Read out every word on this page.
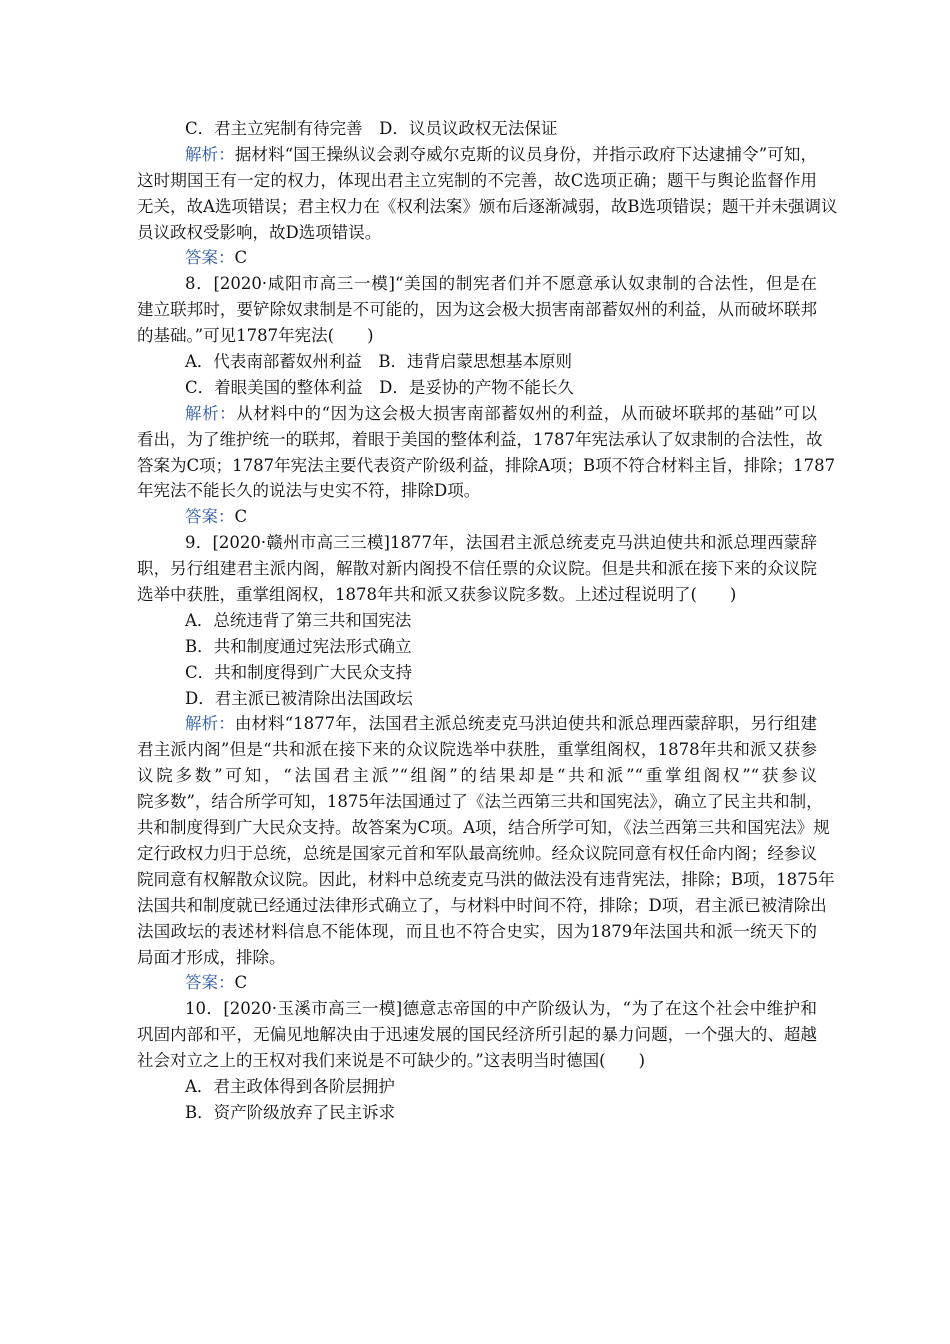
C．君主立宪制有待完善　D．议员议政权无法保证
解析：据材料“国王操纵议会剥夺威尔克斯的议员身份，并指示政府下达逮捕令”可知，
这时期国王有一定的权力，体现出君主立宪制的不完善，故C选项正确；题干与舆论监督作用
无关，故A选项错误；君主权力在《权利法案》颁布后逐渐减弱，故B选项错误；题干并未强调议
员议政权受影响，故D选项错误。
答案：C
8．[2020·咸阳市高三一模]“美国的制宪者们并不愿意承认奴隶制的合法性，但是在
建立联邦时，要铲除奴隶制是不可能的，因为这会极大损害南部蓄奴州的利益，从而破坏联邦
的基础。”可见1787年宪法(　　)
A．代表南部蓄奴州利益　B．违背启蒙思想基本原则
C．着眼美国的整体利益　D．是妥协的产物不能长久
解析：从材料中的“因为这会极大损害南部蓄奴州的利益，从而破坏联邦的基础”可以
看出，为了维护统一的联邦，着眼于美国的整体利益，1787年宪法承认了奴隶制的合法性，故
答案为C项；1787年宪法主要代表资产阶级利益，排除A项；B项不符合材料主旨，排除；1787
年宪法不能长久的说法与史实不符，排除D项。
答案：C
9．[2020·赣州市高三三模]1877年，法国君主派总统麦克马洪迫使共和派总理西蒙辞
职，另行组建君主派内阁，解散对新内阁投不信任票的众议院。但是共和派在接下来的众议院
选举中获胜，重掌组阁权，1878年共和派又获参议院多数。上述过程说明了(　　)
A．总统违背了第三共和国宪法
B．共和制度通过宪法形式确立
C．共和制度得到广大民众支持
D．君主派已被清除出法国政坛
解析：由材料“1877年，法国君主派总统麦克马洪迫使共和派总理西蒙辞职，另行组建
君主派内阁”但是“共和派在接下来的众议院选举中获胜，重掌组阁权，1878年共和派又获参
议院多数”可知，“法国君主派”“组阁”的结果却是“共和派”“重掌组阁权”“获参议
院多数”，结合所学可知，1875年法国通过了《法兰西第三共和国宪法》，确立了民主共和制，
共和制度得到广大民众支持。故答案为C项。A项，结合所学可知，《法兰西第三共和国宪法》规
定行政权力归于总统，总统是国家元首和军队最高统帅。经众议院同意有权任命内阁；经参议
院同意有权解散众议院。因此，材料中总统麦克马洪的做法没有违背宪法，排除；B项，1875年
法国共和制度就已经通过法律形式确立了，与材料中时间不符，排除；D项，君主派已被清除出
法国政坛的表述材料信息不能体现，而且也不符合史实，因为1879年法国共和派一统天下的
局面才形成，排除。
答案：C
10．[2020·玉溪市高三一模]德意志帝国的中产阶级认为，“为了在这个社会中维护和
巩固内部和平，无偏见地解决由于迅速发展的国民经济所引起的暴力问题，一个强大的、超越
社会对立之上的王权对我们来说是不可缺少的。”这表明当时德国(　　)
A．君主政体得到各阶层拥护
B．资产阶级放弃了民主诉求
